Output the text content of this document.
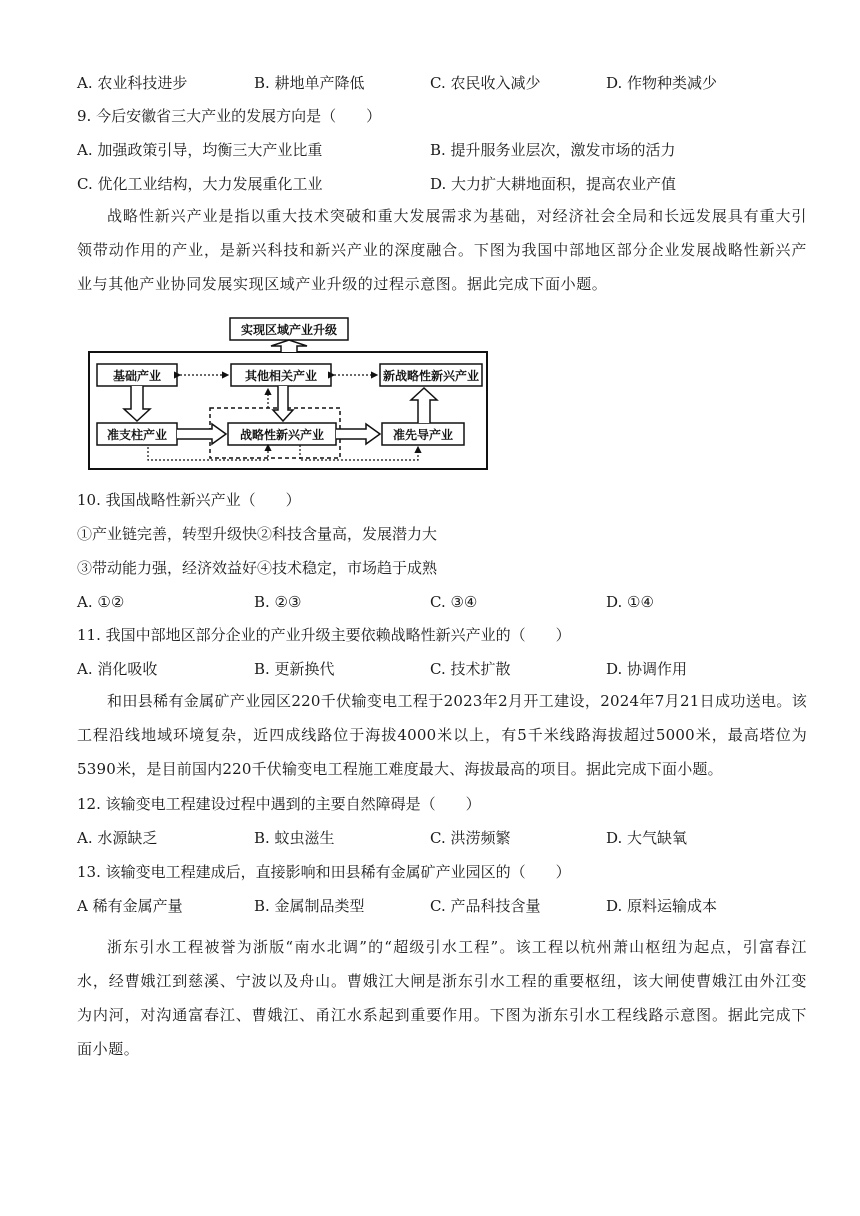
A. 农业科技进步	B. 耕地单产降低	C. 农民收入减少	D. 作物种类减少
9. 今后安徽省三大产业的发展方向是（　　）
A. 加强政策引导，均衡三大产业比重	B. 提升服务业层次，激发市场的活力
C. 优化工业结构，大力发展重化工业	D. 大力扩大耕地面积，提高农业产值
战略性新兴产业是指以重大技术突破和重大发展需求为基础，对经济社会全局和长远发展具有重大引领带动作用的产业，是新兴科技和新兴产业的深度融合。下图为我国中部地区部分企业发展战略性新兴产业与其他产业协同发展实现区域产业升级的过程示意图。据此完成下面小题。
实现区域产业升级
基础产业	其他相关产业	新战略性新兴产业
准支柱产业	战略性新兴产业	准先导产业
10. 我国战略性新兴产业（　　）
①产业链完善，转型升级快②科技含量高，发展潜力大
③带动能力强，经济效益好④技术稳定，市场趋于成熟
A. ①②	B. ②③	C. ③④	D. ①④
11. 我国中部地区部分企业的产业升级主要依赖战略性新兴产业的（　　）
A. 消化吸收	B. 更新换代	C. 技术扩散	D. 协调作用
和田县稀有金属矿产业园区220千伏输变电工程于2023年2月开工建设，2024年7月21日成功送电。该工程沿线地域环境复杂，近四成线路位于海拔4000米以上，有5千米线路海拔超过5000米，最高塔位为5390米，是目前国内220千伏输变电工程施工难度最大、海拔最高的项目。据此完成下面小题。
12. 该输变电工程建设过程中遇到的主要自然障碍是（　　）
A. 水源缺乏	B. 蚊虫滋生	C. 洪涝频繁	D. 大气缺氧
13. 该输变电工程建成后，直接影响和田县稀有金属矿产业园区的（　　）
A 稀有金属产量	B. 金属制品类型	C. 产品科技含量	D. 原料运输成本
浙东引水工程被誉为浙版“南水北调”的“超级引水工程”。该工程以杭州萧山枢纽为起点，引富春江水，经曹娥江到慈溪、宁波以及舟山。曹娥江大闸是浙东引水工程的重要枢纽，该大闸使曹娥江由外江变为内河，对沟通富春江、曹娥江、甬江水系起到重要作用。下图为浙东引水工程线路示意图。据此完成下面小题。
